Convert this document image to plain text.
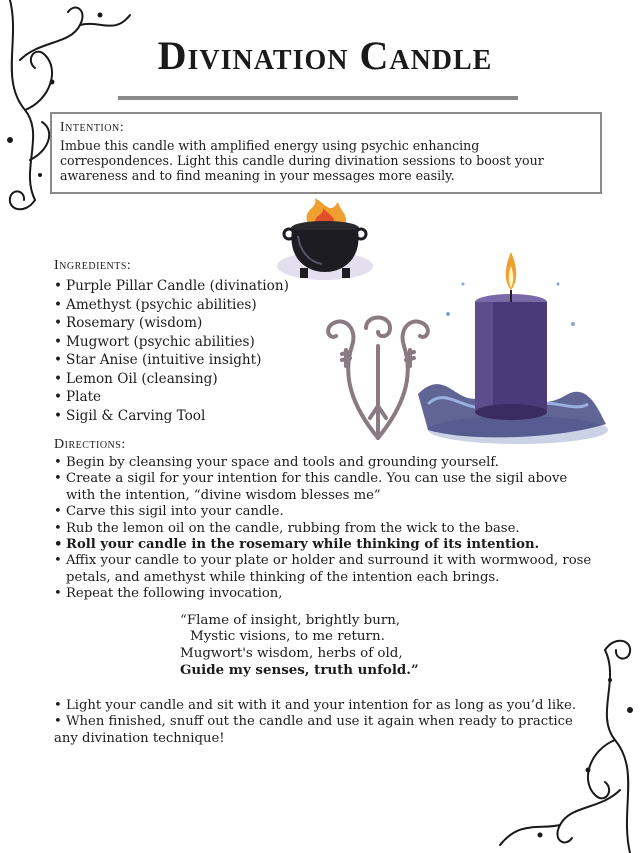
Divination Candle
Intention:

Imbue this candle with amplified energy using psychic enhancing correspondences. Light this candle during divination sessions to boost your awareness and to find meaning in your messages more easily.

Ingredients:
• Purple Pillar Candle (divination)
• Amethyst (psychic abilities)
• Rosemary (wisdom)
• Mugwort (psychic abilities)
• Star Anise (intuitive insight)
• Lemon Oil (cleansing)
• Plate
• Sigil & Carving Tool
Directions:
• Begin by cleansing your space and tools and grounding yourself.
• Create a sigil for your intention for this candle. You can use the sigil above with the intention, “divine wisdom blesses me”
• Carve this sigil into your candle.
• Rub the lemon oil on the candle, rubbing from the wick to the base.
• Roll your candle in the rosemary while thinking of its intention.
• Affix your candle to your plate or holder and surround it with wormwood, rose petals, and amethyst while thinking of the intention each brings.
• Repeat the following invocation,
“Flame of insight, brightly burn,
Mystic visions, to me return.
Mugwort's wisdom, herbs of old,
Guide my senses, truth unfold.”
• Light your candle and sit with it and your intention for as long as you’d like.
• When finished, snuff out the candle and use it again when ready to practice

any divination technique!
